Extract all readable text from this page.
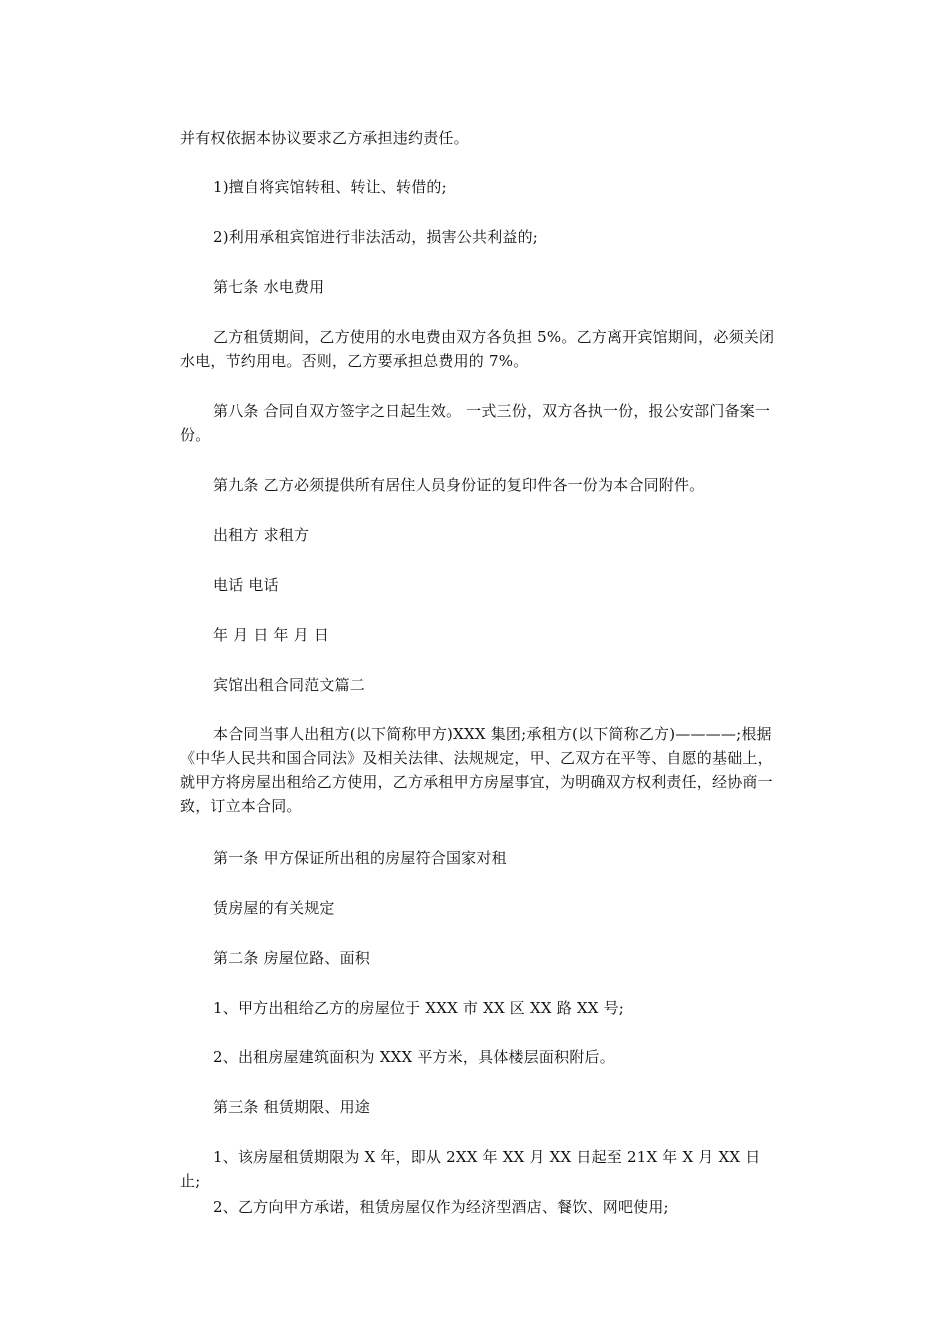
并有权依据本协议要求乙方承担违约责任。

1)擅自将宾馆转租、转让、转借的;

2)利用承租宾馆进行非法活动，损害公共利益的;

第七条 水电费用

乙方租赁期间，乙方使用的水电费由双方各负担 5%。乙方离开宾馆期间，必须关闭水电，节约用电。否则，乙方要承担总费用的 7%。

第八条 合同自双方签字之日起生效。 一式三份，双方各执一份，报公安部门备案一份。

第九条 乙方必须提供所有居住人员身份证的复印件各一份为本合同附件。

出租方 求租方

电话 电话

年 月 日 年 月 日

宾馆出租合同范文篇二

本合同当事人出租方(以下简称甲方)XXX 集团;承租方(以下简称乙方)————;根据《中华人民共和国合同法》及相关法律、法规规定，甲、乙双方在平等、自愿的基础上，就甲方将房屋出租给乙方使用，乙方承租甲方房屋事宜，为明确双方权利责任，经协商一致，订立本合同。

第一条 甲方保证所出租的房屋符合国家对租

赁房屋的有关规定

第二条 房屋位路、面积

1、甲方出租给乙方的房屋位于 XXX 市 XX 区 XX 路 XX 号;

2、出租房屋建筑面积为 XXX 平方米，具体楼层面积附后。

第三条 租赁期限、用途

1、该房屋租赁期限为 X 年，即从 2XX 年 XX 月 XX 日起至 21X 年 X 月 XX 日止;

2、乙方向甲方承诺，租赁房屋仅作为经济型酒店、餐饮、网吧使用;
